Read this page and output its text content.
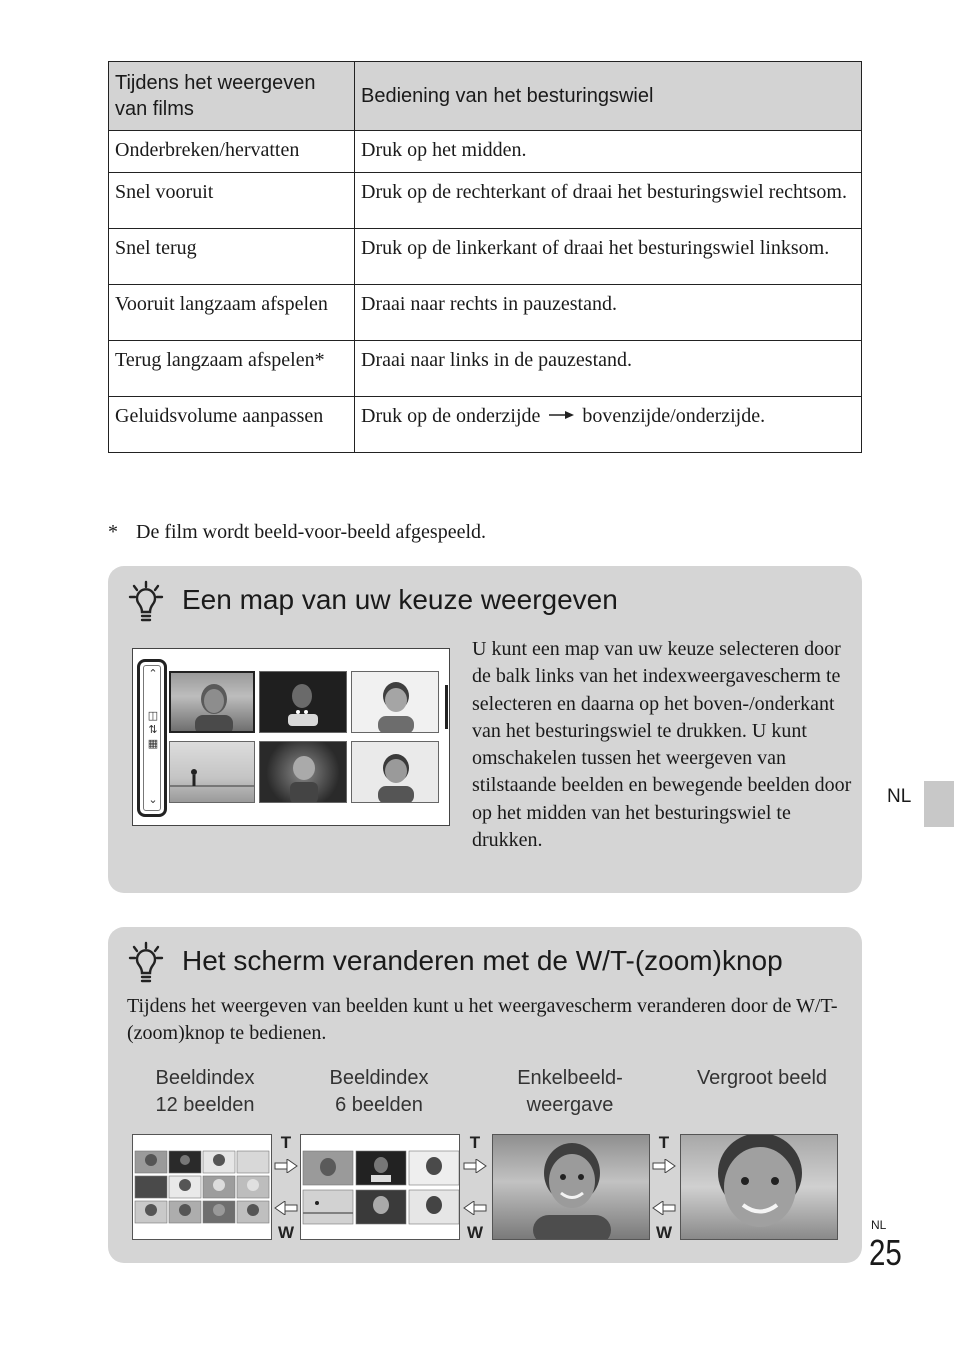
Tijdens het weergeven van films	Bediening van het besturingswiel
Onderbreken/hervatten	Druk op het midden.
Snel vooruit	Druk op de rechterkant of draai het besturingswiel rechtsom.
Snel terug	Druk op de linkerkant of draai het besturingswiel linksom.
Vooruit langzaam afspelen	Draai naar rechts in pauzestand.
Terug langzaam afspelen*	Draai naar links in de pauzestand.
Geluidsvolume aanpassen	Druk op de onderzijde bovenzijde/onderzijde.
* De film wordt beeld-voor-beeld afgespeeld.
Een map van uw keuze weergeven
⌃
◫
⇅
▦
⌄
U kunt een map van uw keuze selecteren door de balk links van het indexweergavescherm te selecteren en daarna op het boven-/onderkant van het besturingswiel te drukken. U kunt omschakelen tussen het weergeven van stilstaande beelden en bewegende beelden door op het midden van het besturingswiel te drukken.
Het scherm veranderen met de W/T-(zoom)knop
Tijdens het weergeven van beelden kunt u het weergavescherm veranderen door de W/T-(zoom)knop te bedienen.
Beeldindex
12 beelden
Beeldindex
6 beelden
Enkelbeeld-
weergave
Vergroot beeld
T
W
T
W
T
W
NL
NL
25
